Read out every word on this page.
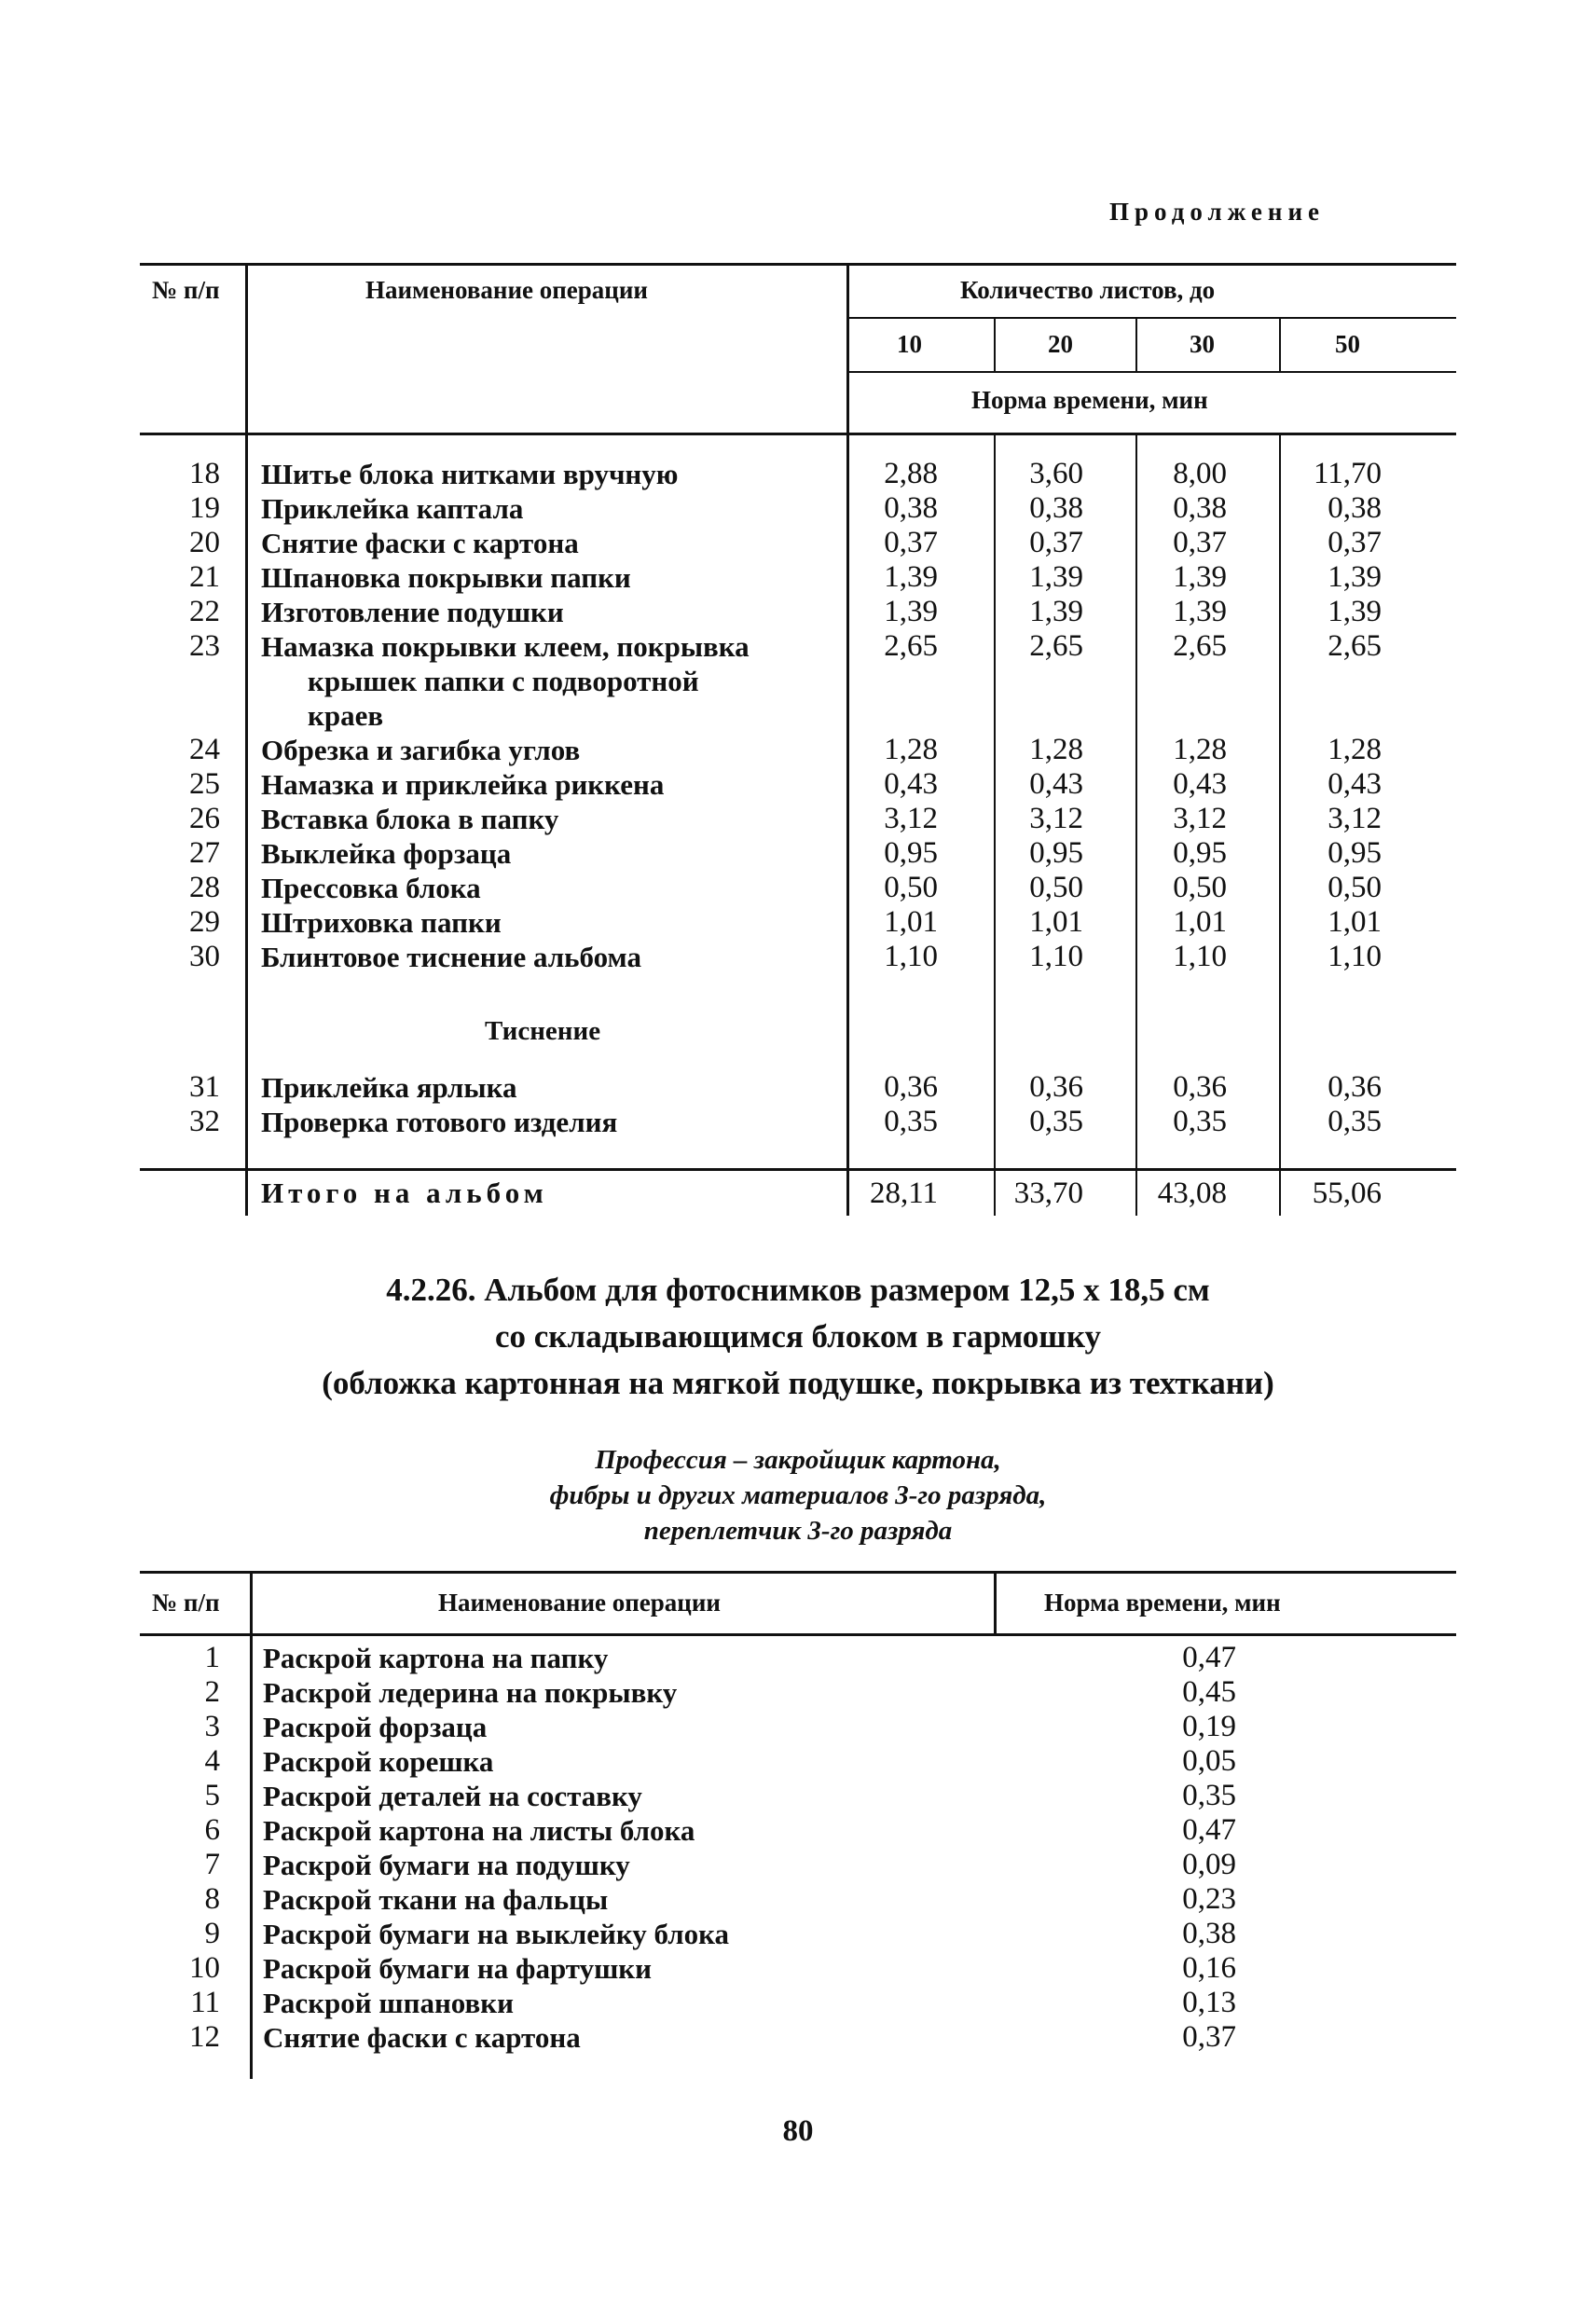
Продолжение
№ п/п	Наименование операции	Количество листов, до
10	20	30	50
Норма времени, мин
18 Шитье блока нитками вручную	2,88	3,60	8,00	11,70
19 Приклейка каптала	0,38	0,38	0,38	0,38
20 Снятие фаски с картона	0,37	0,37	0,37	0,37
21 Шпановка покрывки папки	1,39	1,39	1,39	1,39
22 Изготовление подушки	1,39	1,39	1,39	1,39
23 Намазка покрывки клеем, покрывка
крышек папки с подворотной
краев
2,65	2,65	2,65	2,65
24 Обрезка и загибка углов	1,28	1,28	1,28	1,28
25 Намазка и приклейка риккена	0,43	0,43	0,43	0,43
26 Вставка блока в папку	3,12	3,12	3,12	3,12
27 Выклейка форзаца	0,95	0,95	0,95	0,95
28 Прессовка блока	0,50	0,50	0,50	0,50
29 Штриховка папки	1,01	1,01	1,01	1,01
30 Блинтовое тиснение альбома	1,10	1,10	1,10	1,10
31 Приклейка ярлыка	0,36	0,36	0,36	0,36
32 Проверка готового изделия	0,35	0,35	0,35	0,35
Тиснение
Итого на альбом	28,11	33,70	43,08	55,06
4.2.26. Альбом для фотоснимков размером 12,5 х 18,5 см
со складывающимся блоком в гармошку
(обложка картонная на мягкой подушке, покрывка из техткани)
Профессия – закройщик картона,
фибры и других материалов 3-го разряда,
переплетчик 3-го разряда
№ п/п	Наименование операции	Норма времени, мин
1 Раскрой картона на папку	0,47
2 Раскрой ледерина на покрывку	0,45
3 Раскрой форзаца	0,19
4 Раскрой корешка	0,05
5 Раскрой деталей на составку	0,35
6 Раскрой картона на листы блока	0,47
7 Раскрой бумаги на подушку	0,09
8 Раскрой ткани на фальцы	0,23
9 Раскрой бумаги на выклейку блока	0,38
10 Раскрой бумаги на фартушки	0,16
11 Раскрой шпановки	0,13
12 Снятие фаски с картона	0,37
80
